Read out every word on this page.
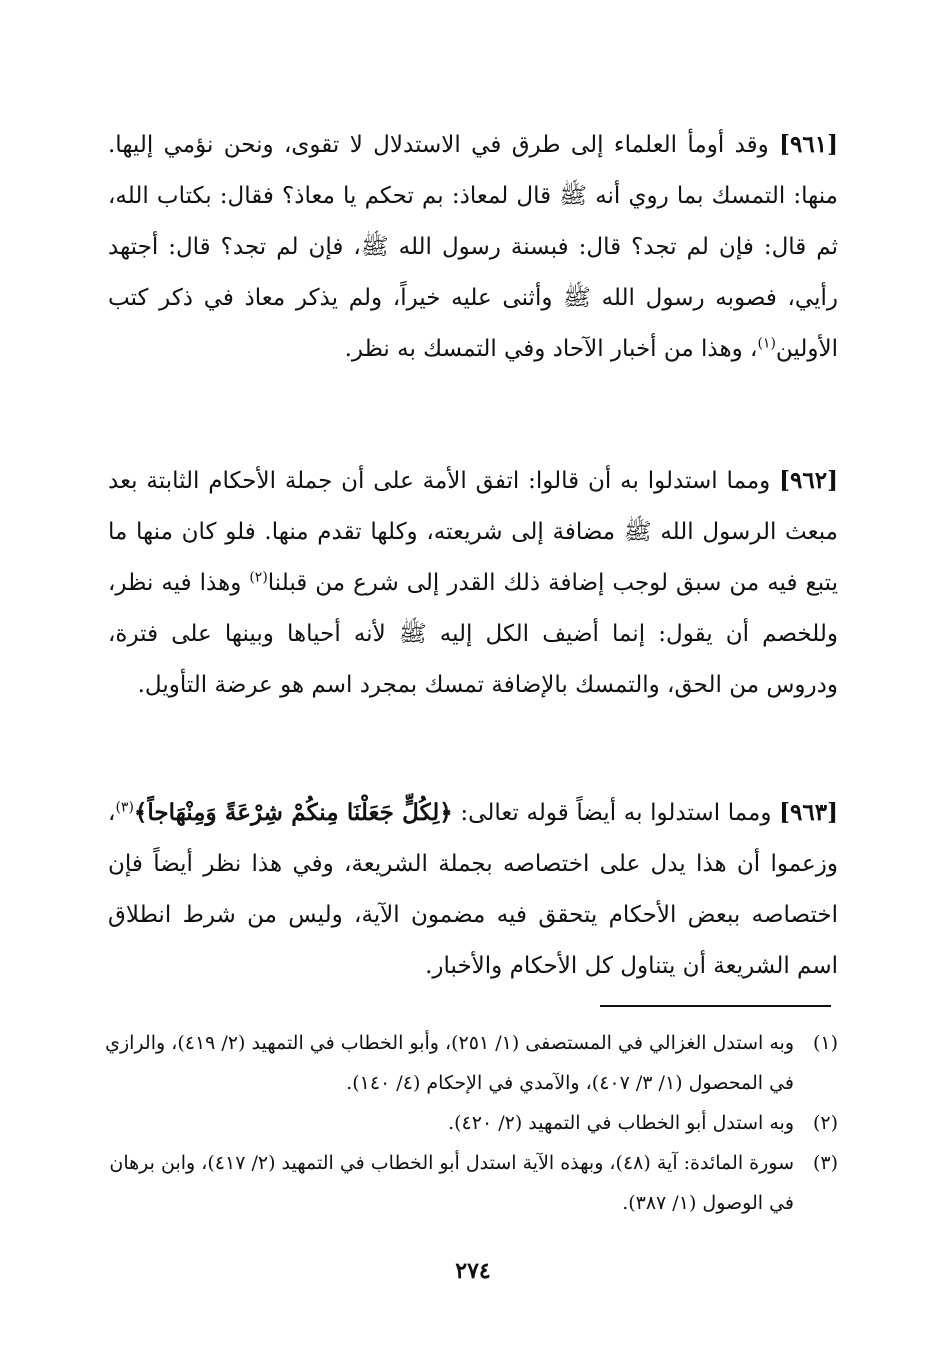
[٩٦١] وقد أومأ العلماء إلى طرق في الاستدلال لا تقوى، ونحن نؤمي إليها. منها: التمسك بما روي أنه ﷺ قال لمعاذ: بم تحكم يا معاذ؟ فقال: بكتاب الله، ثم قال: فإن لم تجد؟ قال: فبسنة رسول الله ﷺ، فإن لم تجد؟ قال: أجتهد رأيي، فصوبه رسول الله ﷺ وأثنى عليه خيراً، ولم يذكر معاذ في ذكر كتب الأولين$^{(١)}$، وهذا من أخبار الآحاد وفي التمسك به نظر.

[٩٦٢] ومما استدلوا به أن قالوا: اتفق الأمة على أن جملة الأحكام الثابتة بعد مبعث الرسول الله ﷺ مضافة إلى شريعته، وكلها تقدم منها. فلو كان منها ما يتبع فيه من سبق لوجب إضافة ذلك القدر إلى شرع من قبلنا$^{(٢)}$ وهذا فيه نظر، وللخصم أن يقول: إنما أضيف الكل إليه ﷺ لأنه أحياها وبينها على فترة، ودروس من الحق، والتمسك بالإضافة تمسك بمجرد اسم هو عرضة التأويل.

[٩٦٣] ومما استدلوا به أيضاً قوله تعالى: ﴿لِكُلٍّ جَعَلْنَا مِنكُمْ شِرْعَةً وَمِنْهَاجاً﴾$^{(٣)}$، وزعموا أن هذا يدل على اختصاصه بجملة الشريعة، وفي هذا نظر أيضاً فإن اختصاصه ببعض الأحكام يتحقق فيه مضمون الآية، وليس من شرط انطلاق اسم الشريعة أن يتناول كل الأحكام والأخبار.

(١)
وبه استدل الغزالي في المستصفى (١/ ٢٥١)، وأبو الخطاب في التمهيد (٢/ ٤١٩)، والرازي في المحصول (١/ ٣/ ٤٠٧)، والآمدي في الإحكام (٤/ ١٤٠).

(٢)
وبه استدل أبو الخطاب في التمهيد (٢/ ٤٢٠).

(٣)
سورة المائدة: آية (٤٨)، وبهذه الآية استدل أبو الخطاب في التمهيد (٢/ ٤١٧)، وابن برهان في الوصول (١/ ٣٨٧).

٢٧٤
